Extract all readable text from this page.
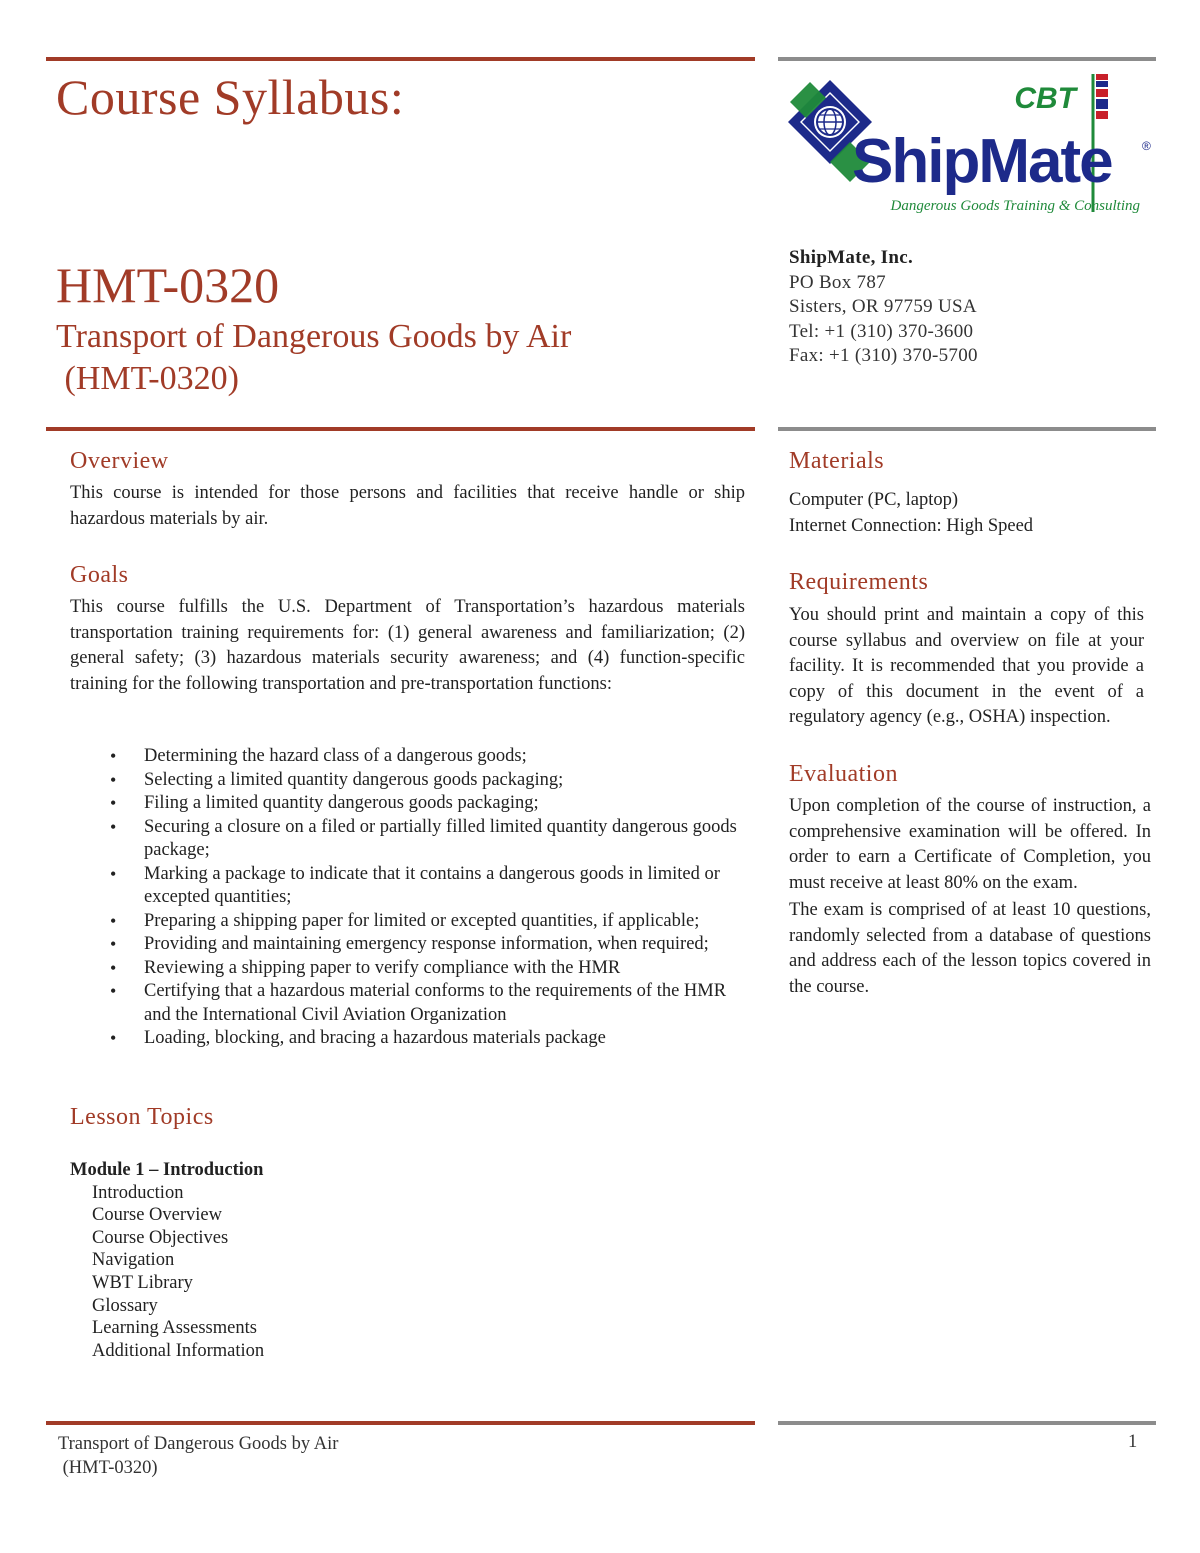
Course Syllabus:
HMT-0320
Transport of Dangerous Goods by Air
(HMT-0320)
CBT
ShipMate	®
Dangerous Goods Training & Consulting
ShipMate, Inc.
PO Box 787
Sisters, OR 97759 USA
Tel: +1 (310) 370-3600
Fax: +1 (310) 370-5700
Overview
This course is intended for those persons and facilities that receive handle or ship hazardous materials by air.
Goals
This course fulfills the U.S. Department of Transportation’s hazardous materials transportation training requirements for: (1) general awareness and familiarization; (2) general safety; (3) hazardous materials security awareness; and (4) function-specific training for the following transportation and pre-transportation functions:
• Determining the hazard class of a dangerous goods;
• Selecting a limited quantity dangerous goods packaging;
• Filing a limited quantity dangerous goods packaging;
• Securing a closure on a filed or partially filled limited quantity dangerous goods package;
• Marking a package to indicate that it contains a dangerous goods in limited or excepted quantities;
• Preparing a shipping paper for limited or excepted quantities, if applicable;
• Providing and maintaining emergency response information, when required;
• Reviewing a shipping paper to verify compliance with the HMR
• Certifying that a hazardous material conforms to the requirements of the HMR and the International Civil Aviation Organization
• Loading, blocking, and bracing a hazardous materials package
Lesson Topics
Module 1 – Introduction
Introduction
Course Overview
Course Objectives
Navigation
WBT Library
Glossary
Learning Assessments
Additional Information
Materials
Computer (PC, laptop)
Internet Connection: High Speed
Requirements
You should print and maintain a copy of this course syllabus and overview on file at your facility. It is recommended that you provide a copy of this document in the event of a regulatory agency (e.g., OSHA) inspection.
Evaluation
Upon completion of the course of instruction, a comprehensive examination will be offered. In order to earn a Certificate of Completion, you must receive at least 80% on the exam.
The exam is comprised of at least 10 questions, randomly selected from a database of questions and address each of the lesson topics covered in the course.
Transport of Dangerous Goods by Air
(HMT-0320)
1
